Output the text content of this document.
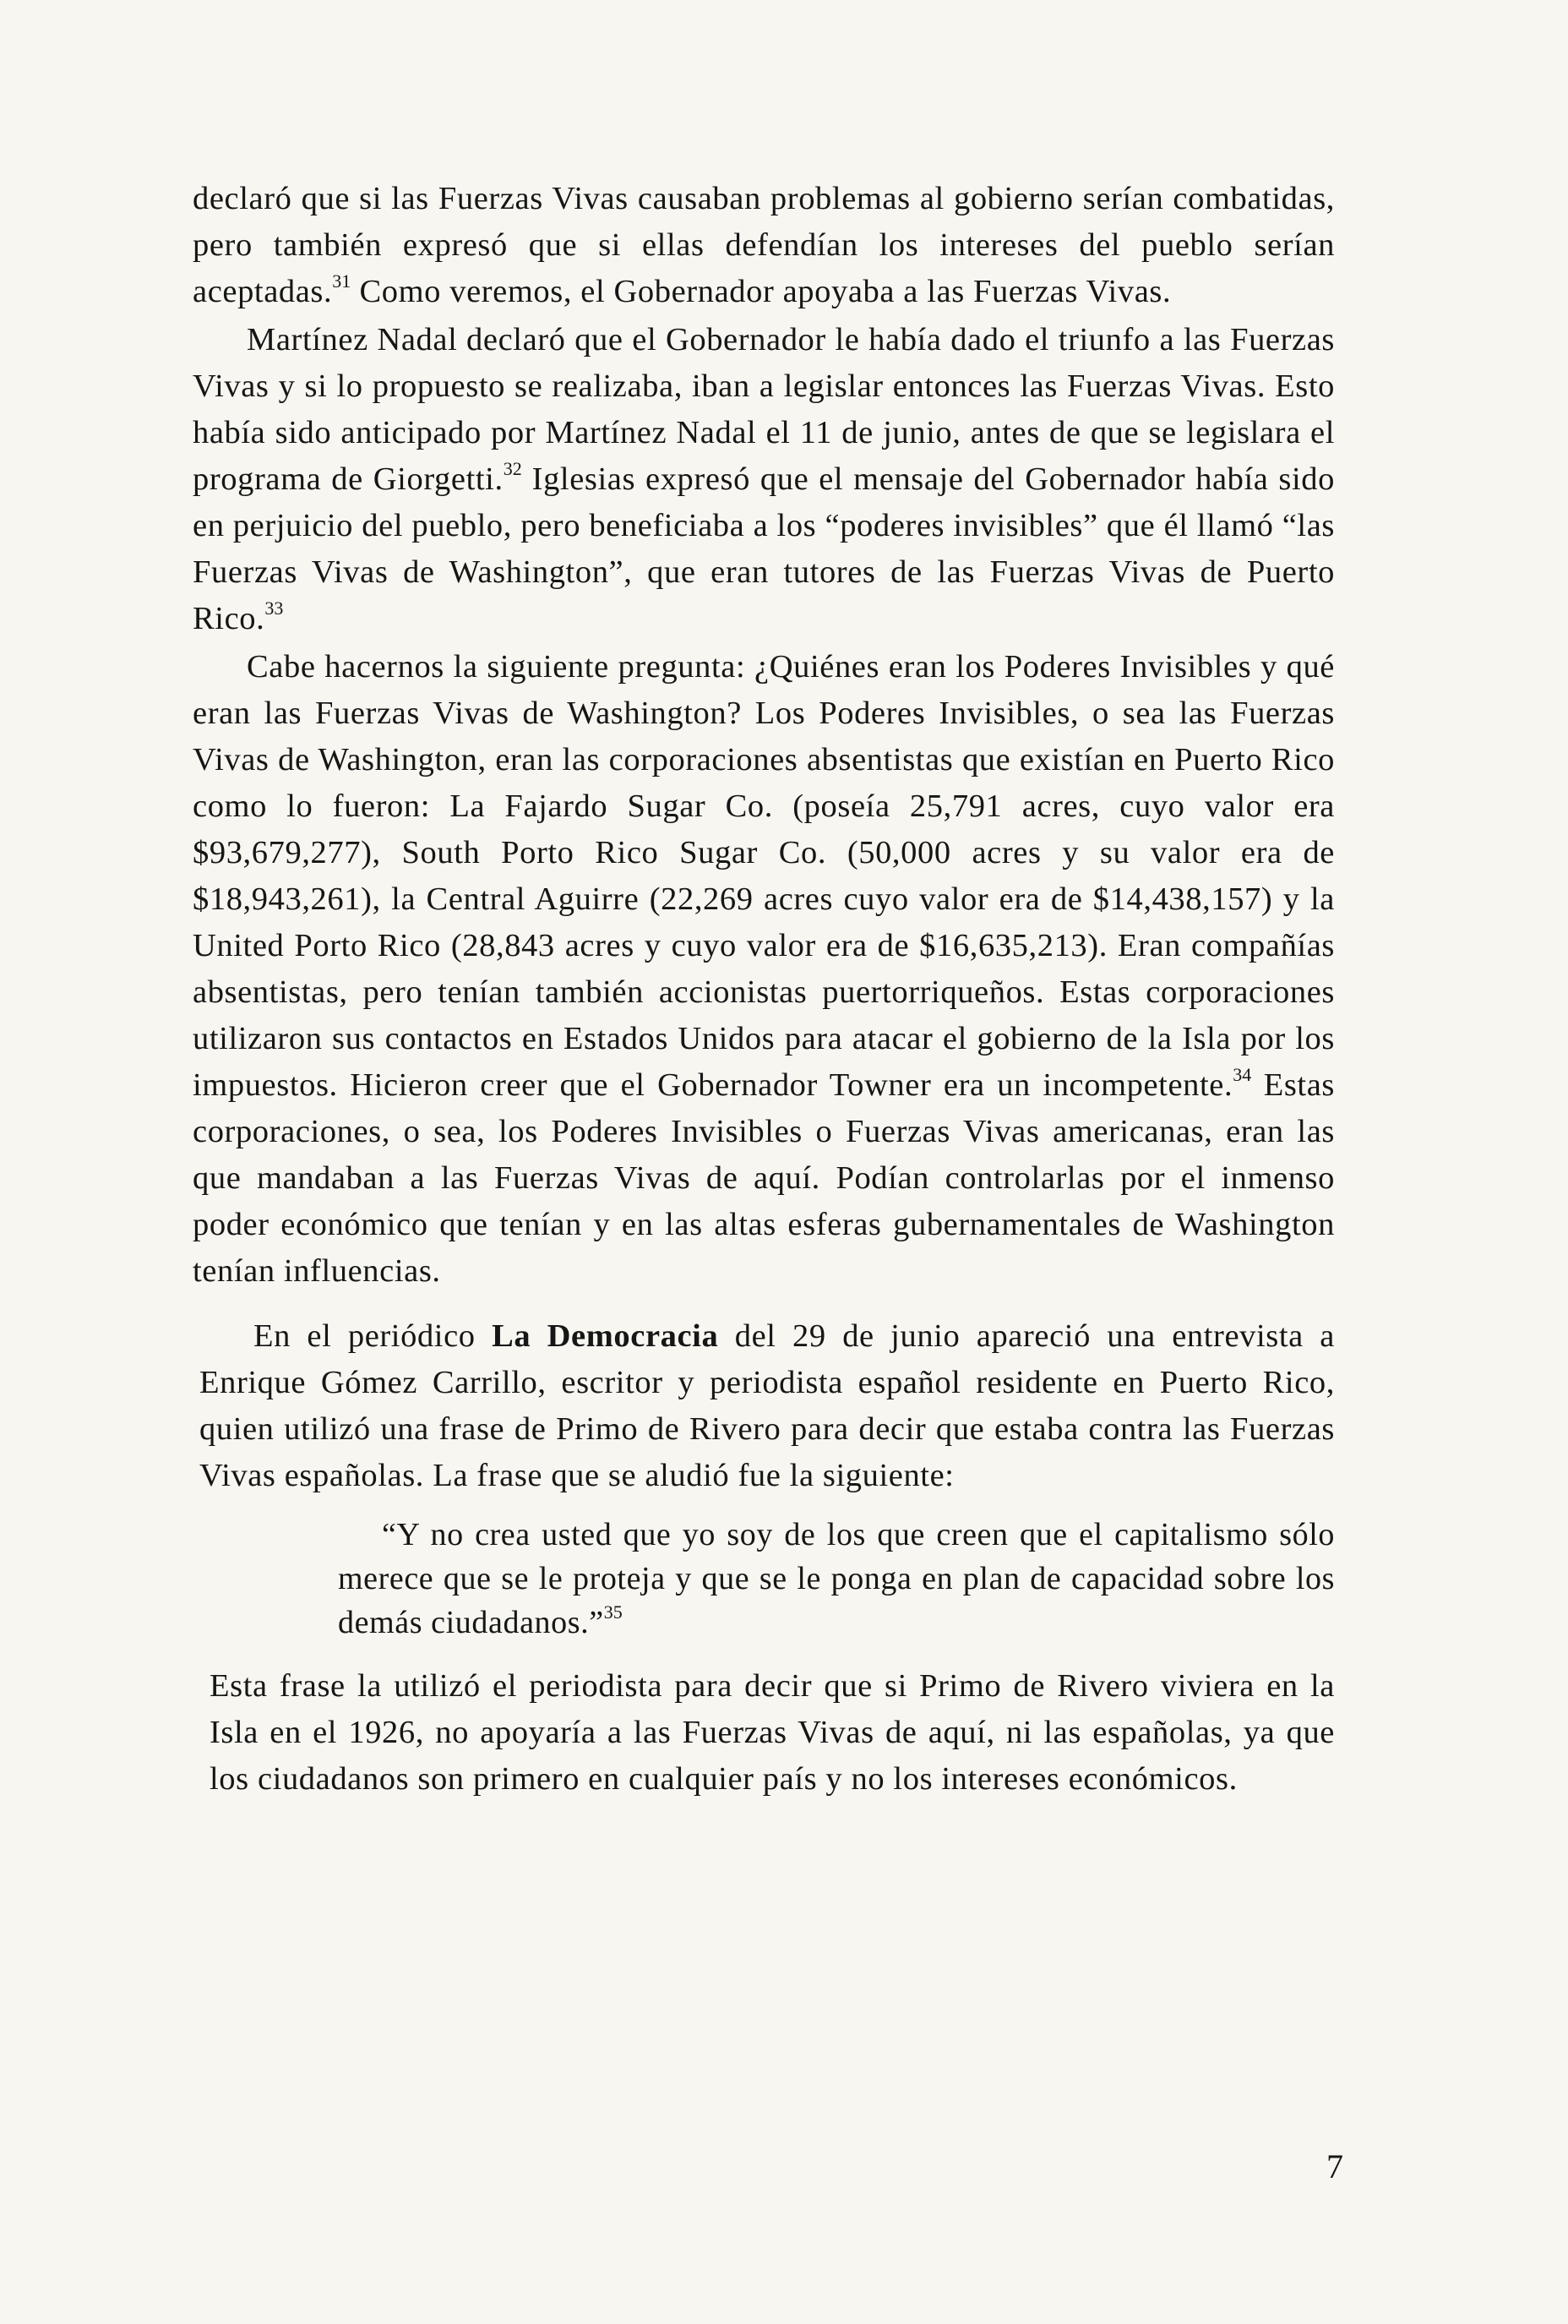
declaró que si las Fuerzas Vivas causaban problemas al gobierno serían combatidas, pero también expresó que si ellas defendían los intereses del pueblo serían aceptadas.$^{31}$ Como veremos, el Gobernador apoyaba a las Fuerzas Vivas.

Martínez Nadal declaró que el Gobernador le había dado el triunfo a las Fuerzas Vivas y si lo propuesto se realizaba, iban a legislar entonces las Fuerzas Vivas. Esto había sido anticipado por Martínez Nadal el 11 de junio, antes de que se legislara el programa de Giorgetti.$^{32}$ Iglesias expresó que el mensaje del Gobernador había sido en perjuicio del pueblo, pero beneficiaba a los “poderes invisibles” que él llamó “las Fuerzas Vivas de Washington”, que eran tutores de las Fuerzas Vivas de Puerto Rico.$^{33}$

Cabe hacernos la siguiente pregunta: ¿Quiénes eran los Poderes Invisibles y qué eran las Fuerzas Vivas de Washington? Los Poderes Invisibles, o sea las Fuerzas Vivas de Washington, eran las corporaciones absentistas que existían en Puerto Rico como lo fueron: La Fajardo Sugar Co. (poseía 25,791 acres, cuyo valor era $93,679,277), South Porto Rico Sugar Co. (50,000 acres y su valor era de $18,943,261), la Central Aguirre (22,269 acres cuyo valor era de $14,438,157) y la United Porto Rico (28,843 acres y cuyo valor era de $16,635,213). Eran compañías absentistas, pero tenían también accionistas puertorriqueños. Estas corporaciones utilizaron sus contactos en Estados Unidos para atacar el gobierno de la Isla por los impuestos. Hicieron creer que el Gobernador Towner era un incompetente.$^{34}$ Estas corporaciones, o sea, los Poderes Invisibles o Fuerzas Vivas americanas, eran las que mandaban a las Fuerzas Vivas de aquí. Podían controlarlas por el inmenso poder económico que tenían y en las altas esferas gubernamentales de Washington tenían influencias.

En el periódico La Democracia del 29 de junio apareció una entrevista a Enrique Gómez Carrillo, escritor y periodista español residente en Puerto Rico, quien utilizó una frase de Primo de Rivero para decir que estaba contra las Fuerzas Vivas españolas. La frase que se aludió fue la siguiente:

“Y no crea usted que yo soy de los que creen que el capitalismo sólo merece que se le proteja y que se le ponga en plan de capacidad sobre los demás ciudadanos.”$^{35}$

Esta frase la utilizó el periodista para decir que si Primo de Rivero viviera en la Isla en el 1926, no apoyaría a las Fuerzas Vivas de aquí, ni las españolas, ya que los ciudadanos son primero en cualquier país y no los intereses económicos.

7
